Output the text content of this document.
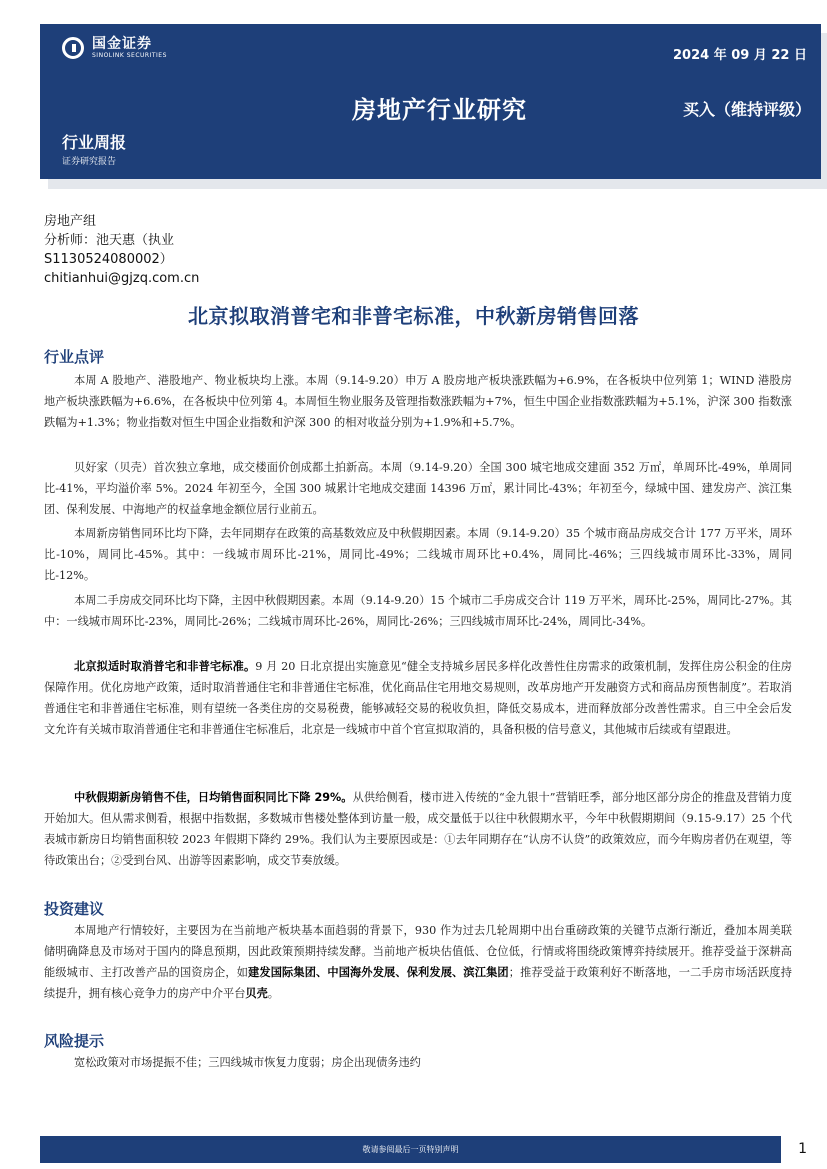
国金证券
SINOLINK SECURITIES	2024 年 09 月 22 日
房地产行业研究	买入（维持评级）
行业周报
证券研究报告
房地产组
分析师：池天惠（执业
S1130524080002）
chitianhui@gjzq.com.cn
北京拟取消普宅和非普宅标准，中秋新房销售回落
行业点评
本周 A 股地产、港股地产、物业板块均上涨。本周（9.14-9.20）申万 A 股房地产板块涨跌幅为+6.9%，在各板块中位列第 1；WIND 港股房地产板块涨跌幅为+6.6%，在各板块中位列第 4。本周恒生物业服务及管理指数涨跌幅为+7%，恒生中国企业指数涨跌幅为+5.1%，沪深 300 指数涨跌幅为+1.3%；物业指数对恒生中国企业指数和沪深 300 的相对收益分别为+1.9%和+5.7%。
贝好家（贝壳）首次独立拿地，成交楼面价创成都土拍新高。本周（9.14-9.20）全国 300 城宅地成交建面 352 万㎡，单周环比-49%，单周同比-41%，平均溢价率 5%。2024 年初至今，全国 300 城累计宅地成交建面 14396 万㎡，累计同比-43%；年初至今，绿城中国、建发房产、滨江集团、保利发展、中海地产的权益拿地金额位居行业前五。
本周新房销售同环比均下降，去年同期存在政策的高基数效应及中秋假期因素。本周（9.14-9.20）35 个城市商品房成交合计 177 万平米，周环比-10%，周同比-45%。其中：一线城市周环比-21%，周同比-49%；二线城市周环比+0.4%，周同比-46%；三四线城市周环比-33%，周同比-12%。
本周二手房成交同环比均下降，主因中秋假期因素。本周（9.14-9.20）15 个城市二手房成交合计 119 万平米，周环比-25%，周同比-27%。其中：一线城市周环比-23%，周同比-26%；二线城市周环比-26%，周同比-26%；三四线城市周环比-24%，周同比-34%。
北京拟适时取消普宅和非普宅标准。9 月 20 日北京提出实施意见“健全支持城乡居民多样化改善性住房需求的政策机制，发挥住房公积金的住房保障作用。优化房地产政策，适时取消普通住宅和非普通住宅标准，优化商品住宅用地交易规则，改革房地产开发融资方式和商品房预售制度”。若取消普通住宅和非普通住宅标准，则有望统一各类住房的交易税费，能够减轻交易的税收负担，降低交易成本，进而释放部分改善性需求。自三中全会后发文允许有关城市取消普通住宅和非普通住宅标准后，北京是一线城市中首个官宣拟取消的，具备积极的信号意义，其他城市后续或有望跟进。
中秋假期新房销售不佳，日均销售面积同比下降 29%。从供给侧看，楼市进入传统的“金九银十”营销旺季，部分地区部分房企的推盘及营销力度开始加大。但从需求侧看，根据中指数据，多数城市售楼处整体到访量一般，成交量低于以往中秋假期水平，今年中秋假期期间（9.15-9.17）25 个代表城市新房日均销售面积较 2023 年假期下降约 29%。我们认为主要原因或是：①去年同期存在“认房不认贷”的政策效应，而今年购房者仍在观望，等待政策出台；②受到台风、出游等因素影响，成交节奏放缓。
投资建议
本周地产行情较好，主要因为在当前地产板块基本面趋弱的背景下，930 作为过去几轮周期中出台重磅政策的关键节点渐行渐近，叠加本周美联储明确降息及市场对于国内的降息预期，因此政策预期持续发酵。当前地产板块估值低、仓位低，行情或将围绕政策博弈持续展开。推荐受益于深耕高能级城市、主打改善产品的国资房企，如建发国际集团、中国海外发展、保利发展、滨江集团；推荐受益于政策利好不断落地，一二手房市场活跃度持续提升，拥有核心竞争力的房产中介平台贝壳。
风险提示
宽松政策对市场提振不佳；三四线城市恢复力度弱；房企出现债务违约
敬请参阅最后一页特别声明	1
